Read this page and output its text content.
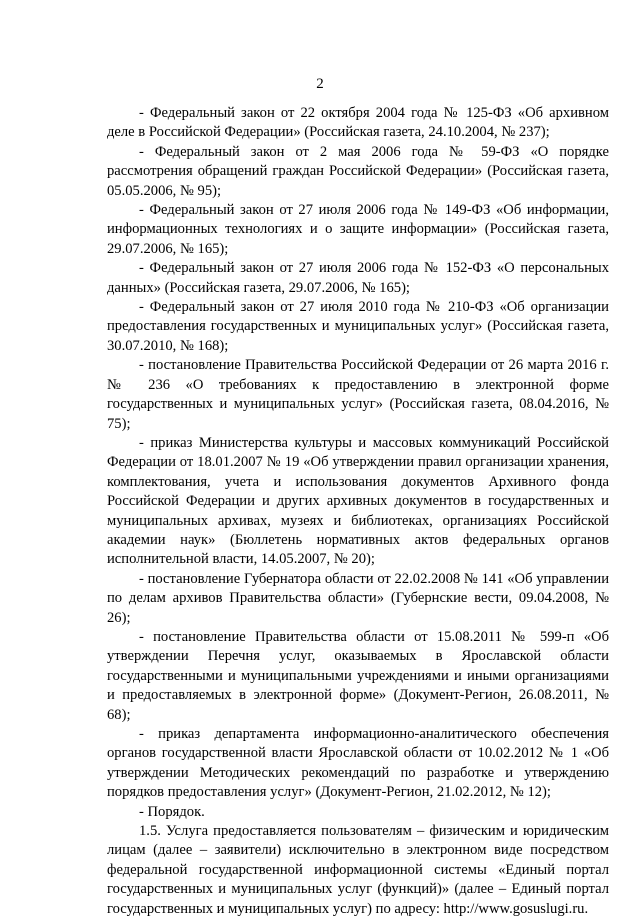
2

- Федеральный закон от 22 октября 2004 года № 125-ФЗ «Об архивном деле в Российской Федерации» (Российская газета, 24.10.2004, № 237);

- Федеральный закон от 2 мая 2006 года № 59-ФЗ «О порядке рассмотрения обращений граждан Российской Федерации» (Российская газета, 05.05.2006, № 95);

- Федеральный закон от 27 июля 2006 года № 149-ФЗ «Об информации, информационных технологиях и о защите информации» (Российская газета, 29.07.2006, № 165);

- Федеральный закон от 27 июля 2006 года № 152-ФЗ «О персональных данных» (Российская газета, 29.07.2006, № 165);

- Федеральный закон от 27 июля 2010 года № 210-ФЗ «Об организации предоставления государственных и муниципальных услуг» (Российская газета, 30.07.2010, № 168);

- постановление Правительства Российской Федерации от 26 марта 2016 г. № 236 «О требованиях к предоставлению в электронной форме государственных и муниципальных услуг» (Российская газета, 08.04.2016, № 75);

- приказ Министерства культуры и массовых коммуникаций Российской Федерации от 18.01.2007 № 19 «Об утверждении правил организации хранения, комплектования, учета и использования документов Архивного фонда Российской Федерации и других архивных документов в государственных и муниципальных архивах, музеях и библиотеках, организациях Российской академии наук» (Бюллетень нормативных актов федеральных органов исполнительной власти, 14.05.2007, № 20);

- постановление Губернатора области от 22.02.2008 № 141 «Об управлении по делам архивов Правительства области» (Губернские вести, 09.04.2008, № 26);

- постановление Правительства области от 15.08.2011 № 599-п «Об утверждении Перечня услуг, оказываемых в Ярославской области государственными и муниципальными учреждениями и иными организациями и предоставляемых в электронной форме» (Документ-Регион, 26.08.2011, № 68);

- приказ департамента информационно-аналитического обеспечения органов государственной власти Ярославской области от 10.02.2012 № 1 «Об утверждении Методических рекомендаций по разработке и утверждению порядков предоставления услуг» (Документ-Регион, 21.02.2012, № 12);

- Порядок.

1.5. Услуга предоставляется пользователям – физическим и юридическим лицам (далее – заявители) исключительно в электронном виде посредством федеральной государственной информационной системы «Единый портал государственных и муниципальных услуг (функций)» (далее – Единый портал государственных и муниципальных услуг) по адресу: http://www.gosuslugi.ru.
